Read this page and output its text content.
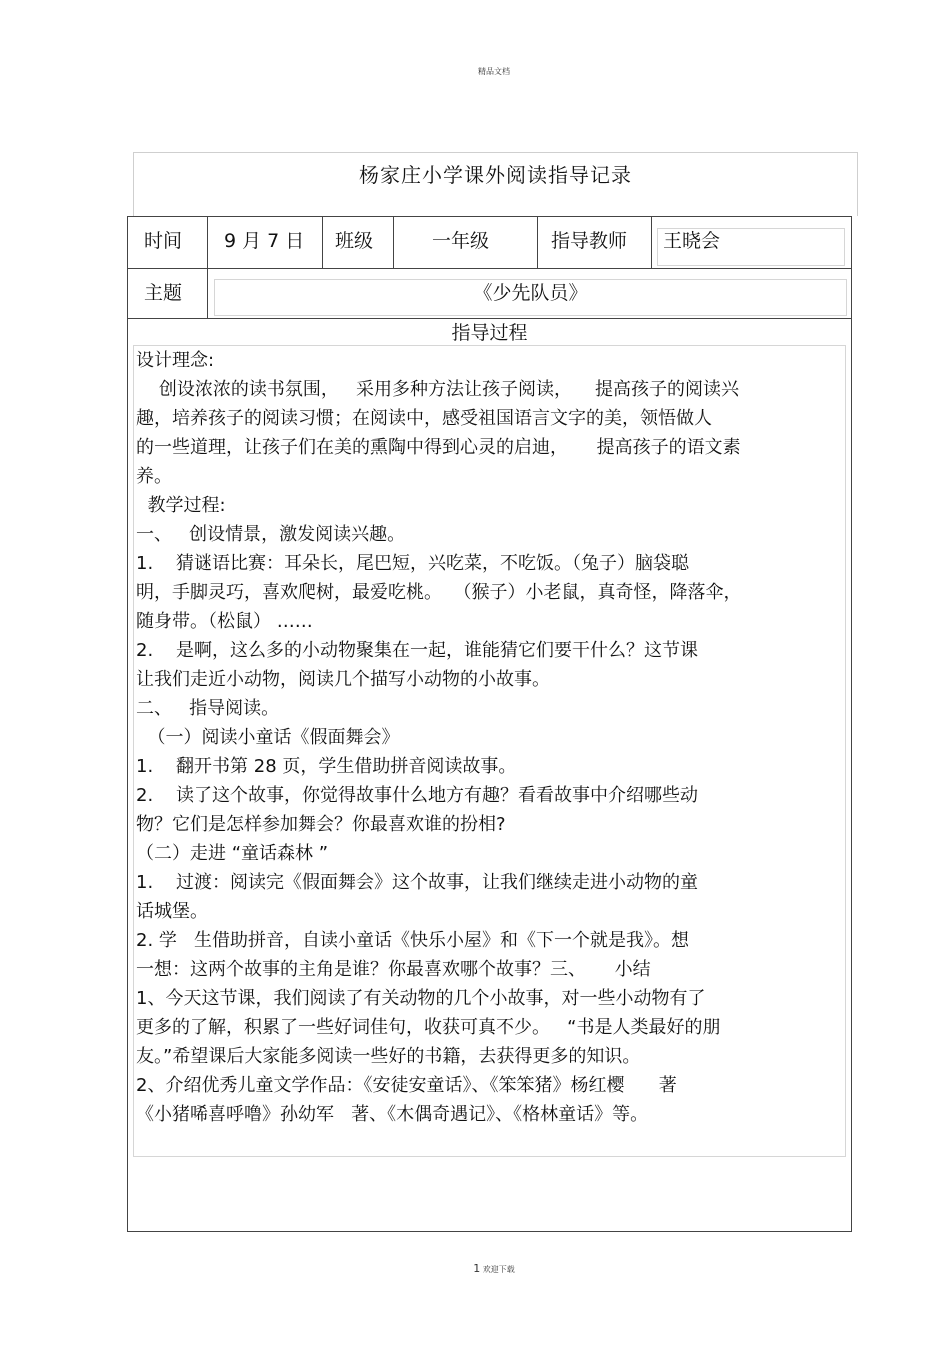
精品文档
杨家庄小学课外阅读指导记录
时间 9 月 7 日 班级	一年级	指导教师 王晓会
主题	《少先队员》
指导过程

设计理念:

创设浓浓的读书氛围，   采用多种方法让孩子阅读，    提高孩子的阅读兴

趣，培养孩子的阅读习惯；在阅读中，感受祖国语言文字的美，领悟做人

的一些道理，让孩子们在美的熏陶中得到心灵的启迪，     提高孩子的语文素

养。

教学过程:

一、   创设情景，激发阅读兴趣。

1.    猜谜语比赛：耳朵长，尾巴短，兴吃菜，不吃饭。（兔子）脑袋聪

明，手脚灵巧，喜欢爬树，最爱吃桃。  （猴子）小老鼠，真奇怪，降落伞，

随身带。（松鼠） ……

2.    是啊，这么多的小动物聚集在一起，谁能猜它们要干什么？这节课

让我们走近小动物，阅读几个描写小动物的小故事。

二、   指导阅读。

（一）阅读小童话《假面舞会》

1.    翻开书第 28 页，学生借助拼音阅读故事。

2.    读了这个故事，你觉得故事什么地方有趣？看看故事中介绍哪些动

物？它们是怎样参加舞会？你最喜欢谁的扮相?

（二）走进 “童话森林 ”

1.    过渡：阅读完《假面舞会》这个故事，让我们继续走进小动物的童

话城堡。

2. 学   生借助拼音，自读小童话《快乐小屋》和《下一个就是我》。想

一想：这两个故事的主角是谁？你最喜欢哪个故事？三、     小结

1、今天这节课，我们阅读了有关动物的几个小故事，对一些小动物有了

更多的了解，积累了一些好词佳句，收获可真不少。   “书是人类最好的朋

友。”希望课后大家能多阅读一些好的书籍，去获得更多的知识。

2、介绍优秀儿童文学作品：《安徒安童话》、《笨笨猪》杨红樱      著

《小猪唏喜呼噜》孙幼军   著、《木偶奇遇记》、《格林童话》等。

1 欢迎下载
